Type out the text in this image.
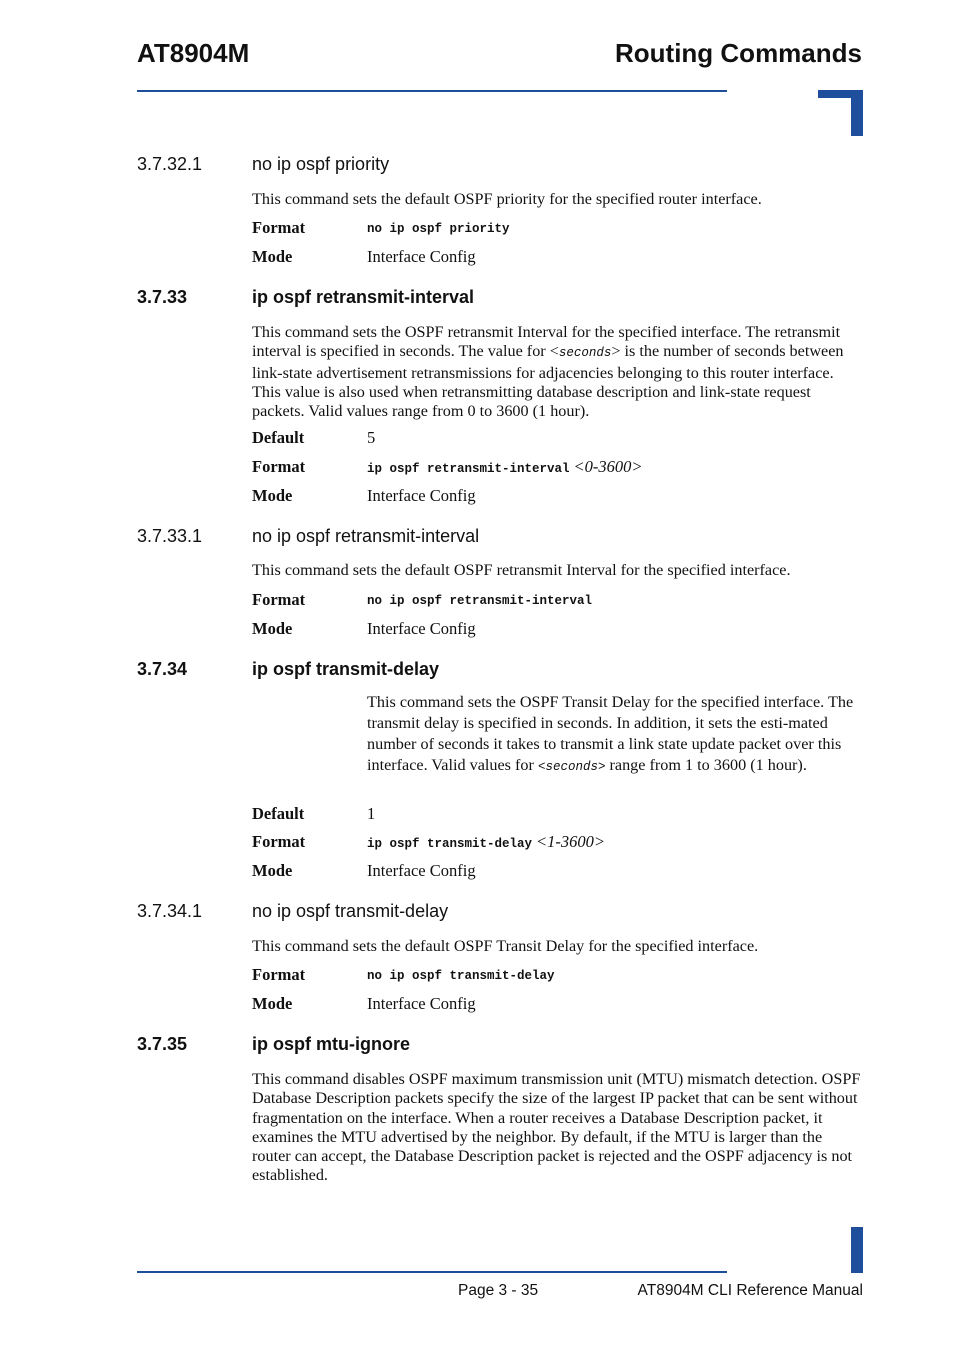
AT8904M	Routing Commands
3.7.32.1	no ip ospf priority
This command sets the default OSPF priority for the specified router interface.
Format	no ip ospf priority
Mode	Interface Config
3.7.33	ip ospf retransmit-interval
This command sets the OSPF retransmit Interval for the specified interface. The retransmit interval is specified in seconds. The value for <seconds> is the number of seconds between link-state advertisement retransmissions for adjacencies belonging to this router interface. This value is also used when retransmitting database description and link-state request packets. Valid values range from 0 to 3600 (1 hour).
Default	5
Format	ip ospf retransmit-interval <0-3600>
Mode	Interface Config
3.7.33.1	no ip ospf retransmit-interval
This command sets the default OSPF retransmit Interval for the specified interface.
Format	no ip ospf retransmit-interval
Mode	Interface Config
3.7.34	ip ospf transmit-delay
This command sets the OSPF Transit Delay for the specified interface. The transmit delay is specified in seconds. In addition, it sets the esti-mated number of seconds it takes to transmit a link state update packet over this interface. Valid values for <seconds> range from 1 to 3600 (1 hour).
Default	1
Format	ip ospf transmit-delay <1-3600>
Mode	Interface Config
3.7.34.1	no ip ospf transmit-delay
This command sets the default OSPF Transit Delay for the specified interface.
Format	no ip ospf transmit-delay
Mode	Interface Config
3.7.35	ip ospf mtu-ignore
This command disables OSPF maximum transmission unit (MTU) mismatch detection. OSPF Database Description packets specify the size of the largest IP packet that can be sent without fragmentation on the interface. When a router receives a Database Description packet, it examines the MTU advertised by the neighbor. By default, if the MTU is larger than the router can accept, the Database Description packet is rejected and the OSPF adjacency is not established.
Page 3 - 35	AT8904M CLI Reference Manual
